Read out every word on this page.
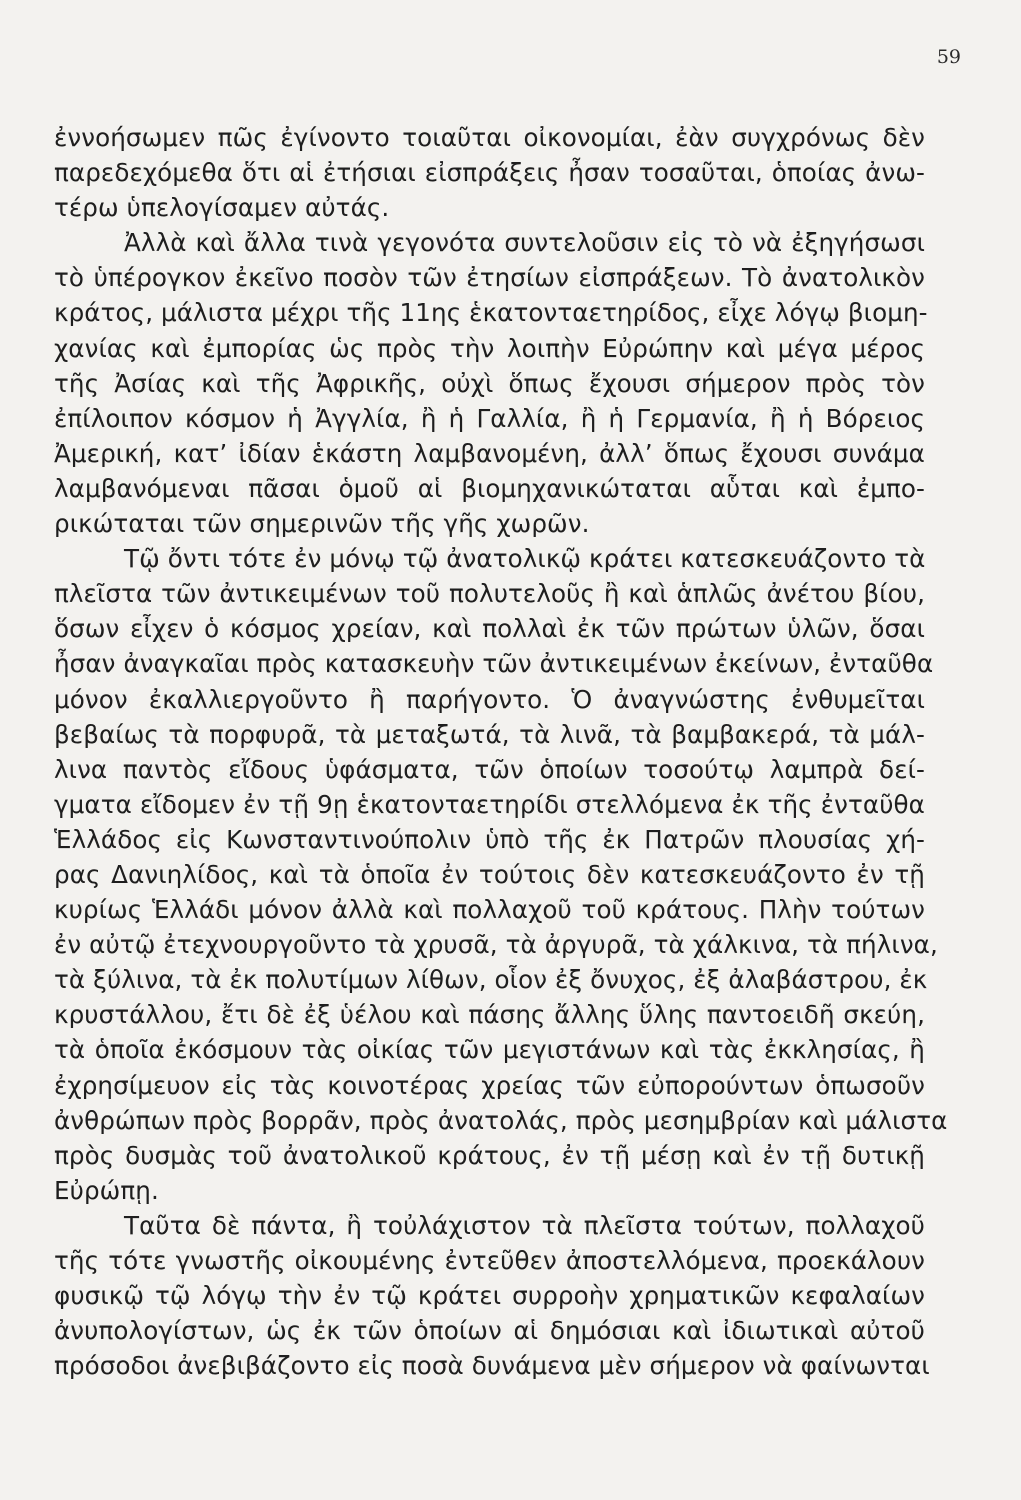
59
ἐννοήσωμεν πῶς ἐγίνοντο τοιαῦται οἰκονομίαι, ἐὰν συγχρόνως δὲν
παρεδεχόμεθα ὅτι αἱ ἐτήσιαι εἰσπράξεις ἦσαν τοσαῦται, ὁποίας ἀνω-
τέρω ὑπελογίσαμεν αὐτάς.
Ἀλλὰ καὶ ἄλλα τινὰ γεγονότα συντελοῦσιν εἰς τὸ νὰ ἐξηγήσωσι
τὸ ὑπέρογκον ἐκεῖνο ποσὸν τῶν ἐτησίων εἰσπράξεων. Τὸ ἀνατολικὸν
κράτος, μάλιστα μέχρι τῆς 11ης ἑκατονταετηρίδος, εἶχε λόγῳ βιομη-
χανίας καὶ ἐμπορίας ὡς πρὸς τὴν λοιπὴν Εὐρώπην καὶ μέγα μέρος
τῆς Ἀσίας καὶ τῆς Ἀφρικῆς, οὐχὶ ὅπως ἔχουσι σήμερον πρὸς τὸν
ἐπίλοιπον κόσμον ἡ Ἀγγλία, ἢ ἡ Γαλλία, ἢ ἡ Γερμανία, ἢ ἡ Βόρειος
Ἀμερική, κατ’ ἰδίαν ἑκάστη λαμβανομένη, ἀλλ’ ὅπως ἔχουσι συνάμα
λαμβανόμεναι πᾶσαι ὁμοῦ αἱ βιομηχανικώταται αὗται καὶ ἐμπο-
ρικώταται τῶν σημερινῶν τῆς γῆς χωρῶν.
Τῷ ὄντι τότε ἐν μόνῳ τῷ ἀνατολικῷ κράτει κατεσκευάζοντο τὰ
πλεῖστα τῶν ἀντικειμένων τοῦ πολυτελοῦς ἢ καὶ ἁπλῶς ἀνέτου βίου,
ὅσων εἶχεν ὁ κόσμος χρείαν, καὶ πολλαὶ ἐκ τῶν πρώτων ὑλῶν, ὅσαι
ἦσαν ἀναγκαῖαι πρὸς κατασκευὴν τῶν ἀντικειμένων ἐκείνων, ἐνταῦθα
μόνον ἐκαλλιεργοῦντο ἢ παρήγοντο. Ὁ ἀναγνώστης ἐνθυμεῖται
βεβαίως τὰ πορφυρᾶ, τὰ μεταξωτά, τὰ λινᾶ, τὰ βαμβακερά, τὰ μάλ-
λινα παντὸς εἴδους ὑφάσματα, τῶν ὁποίων τοσούτῳ λαμπρὰ δεί-
γματα εἴδομεν ἐν τῇ 9ῃ ἑκατονταετηρίδι στελλόμενα ἐκ τῆς ἐνταῦθα
Ἑλλάδος εἰς Κωνσταντινούπολιν ὑπὸ τῆς ἐκ Πατρῶν πλουσίας χή-
ρας Δανιηλίδος, καὶ τὰ ὁποῖα ἐν τούτοις δὲν κατεσκευάζοντο ἐν τῇ
κυρίως Ἑλλάδι μόνον ἀλλὰ καὶ πολλαχοῦ τοῦ κράτους. Πλὴν τούτων
ἐν αὐτῷ ἐτεχνουργοῦντο τὰ χρυσᾶ, τὰ ἀργυρᾶ, τὰ χάλκινα, τὰ πήλινα,
τὰ ξύλινα, τὰ ἐκ πολυτίμων λίθων, οἷον ἐξ ὄνυχος, ἐξ ἀλαβάστρου, ἐκ
κρυστάλλου, ἔτι δὲ ἐξ ὑέλου καὶ πάσης ἄλλης ὕλης παντοειδῆ σκεύη,
τὰ ὁποῖα ἐκόσμουν τὰς οἰκίας τῶν μεγιστάνων καὶ τὰς ἐκκλησίας, ἢ
ἐχρησίμευον εἰς τὰς κοινοτέρας χρείας τῶν εὐπορούντων ὁπωσοῦν
ἀνθρώπων πρὸς βορρᾶν, πρὸς ἀνατολάς, πρὸς μεσημβρίαν καὶ μάλιστα
πρὸς δυσμὰς τοῦ ἀνατολικοῦ κράτους, ἐν τῇ μέσῃ καὶ ἐν τῇ δυτικῇ
Εὐρώπῃ.
Ταῦτα δὲ πάντα, ἢ τοὐλάχιστον τὰ πλεῖστα τούτων, πολλαχοῦ
τῆς τότε γνωστῆς οἰκουμένης ἐντεῦθεν ἀποστελλόμενα, προεκάλουν
φυσικῷ τῷ λόγῳ τὴν ἐν τῷ κράτει συρροὴν χρηματικῶν κεφαλαίων
ἀνυπολογίστων, ὡς ἐκ τῶν ὁποίων αἱ δημόσιαι καὶ ἰδιωτικαὶ αὐτοῦ
πρόσοδοι ἀνεβιβάζοντο εἰς ποσὰ δυνάμενα μὲν σήμερον νὰ φαίνωνται
